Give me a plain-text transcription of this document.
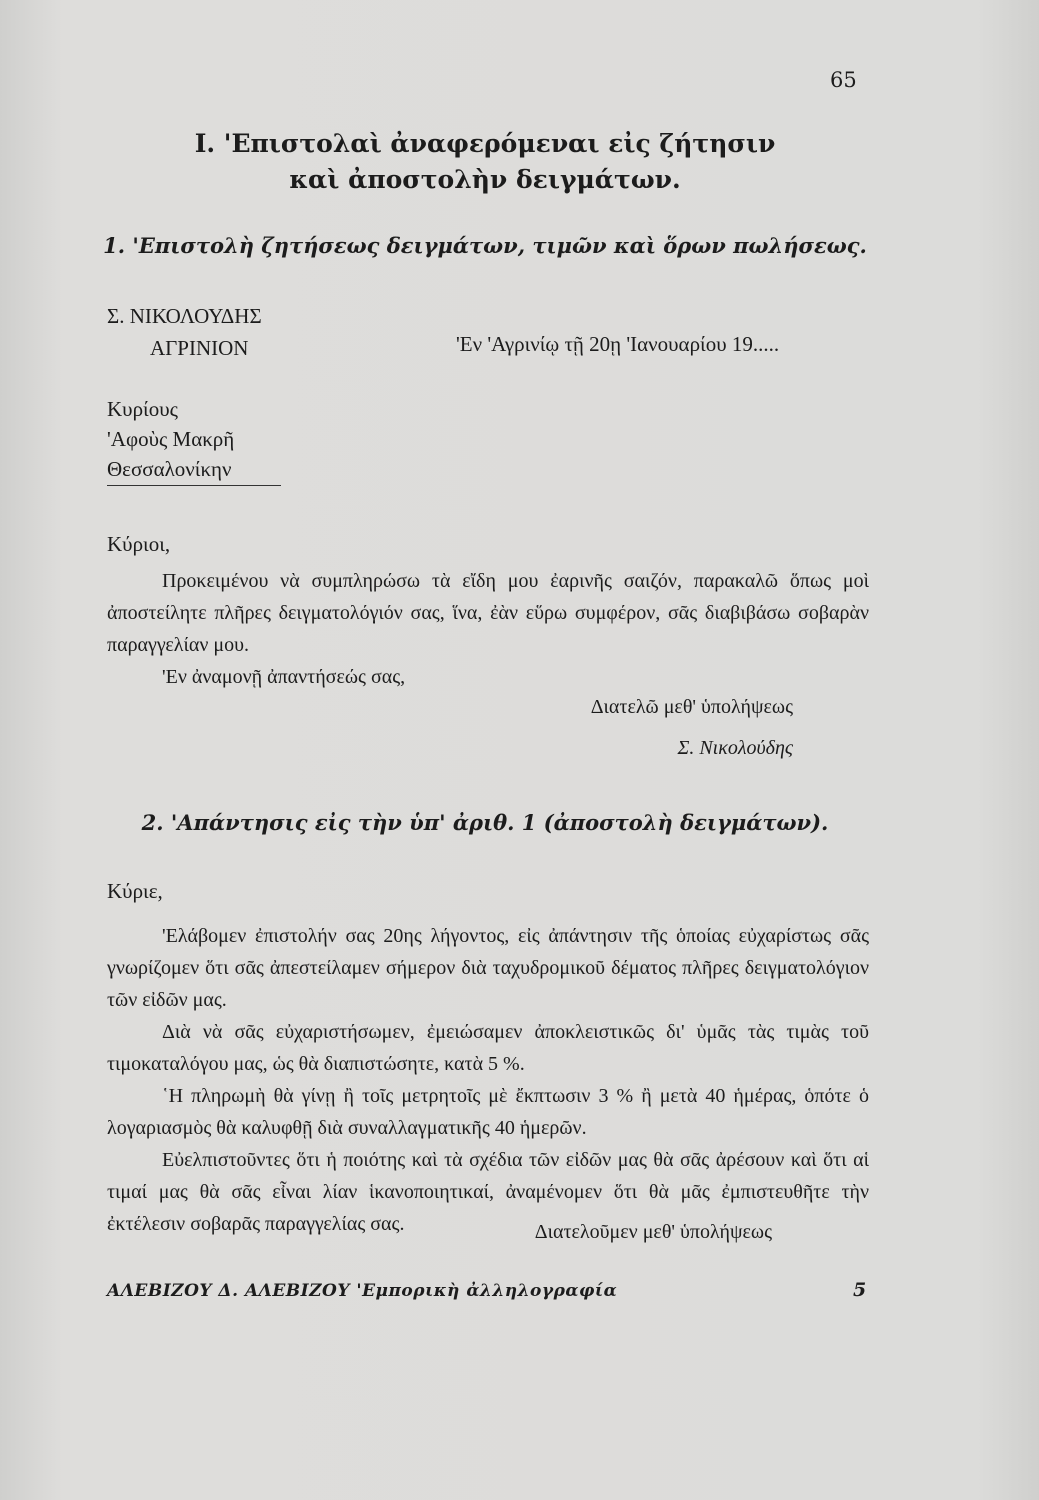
65
I. 'Επιστολαὶ ἀναφερόμεναι εἰς ζήτησιν
καὶ ἀποστολὴν δειγμάτων.
1. 'Επιστολὴ ζητήσεως δειγμάτων, τιμῶν καὶ ὅρων πωλήσεως.
Σ. ΝΙΚΟΛΟΥΔΗΣ
ΑΓΡΙΝΙΟΝ	'Εν 'Αγρινίῳ τῇ 20ῃ 'Ιανουαρίου 19.....
Κυρίους
'Αφοὺς Μακρῆ
Θεσσαλονίκην
Κύριοι,

Προκειμένου νὰ συμπληρώσω τὰ εἴδη μου ἐαρινῆς σαιζόν, παρακαλῶ ὅπως μοὶ ἀποστείλητε πλῆρες δειγματολόγιόν σας, ἵνα, ἐὰν εὕρω συμφέρον, σᾶς διαβιβάσω σοβαρὰν παραγγελίαν μου.

'Εν ἀναμονῇ ἀπαντήσεώς σας,

Διατελῶ μεθ' ὑπολήψεως
Σ. Νικολούδης
2. 'Απάντησις εἰς τὴν ὑπ' ἀριθ. 1 (ἀποστολὴ δειγμάτων).
Κύριε,

'Ελάβομεν ἐπιστολήν σας 20ης λήγοντος, εἰς ἀπάντησιν τῆς ὁποίας εὐχαρίστως σᾶς γνωρίζομεν ὅτι σᾶς ἀπεστείλαμεν σήμερον διὰ ταχυδρομικοῦ δέματος πλῆρες δειγματολόγιον τῶν εἰδῶν μας.

Διὰ νὰ σᾶς εὐχαριστήσωμεν, ἐμειώσαμεν ἀποκλειστικῶς δι' ὑμᾶς τὰς τιμὰς τοῦ τιμοκαταλόγου μας, ὡς θὰ διαπιστώσητε, κατὰ 5 %.

῾Η πληρωμὴ θὰ γίνῃ ἢ τοῖς μετρητοῖς μὲ ἔκπτωσιν 3 % ἢ μετὰ 40 ἡμέρας, ὁπότε ὁ λογαριασμὸς θὰ καλυφθῇ διὰ συναλλαγματικῆς 40 ἡμερῶν.

Εὐελπιστοῦντες ὅτι ἡ ποιότης καὶ τὰ σχέδια τῶν εἰδῶν μας θὰ σᾶς ἀρέσουν καὶ ὅτι αἱ τιμαί μας θὰ σᾶς εἶναι λίαν ἱκανοποιητικαί, ἀναμένομεν ὅτι θὰ μᾶς ἐμπιστευθῆτε τὴν ἐκτέλεσιν σοβαρᾶς παραγγελίας σας.	Διατελοῦμεν μεθ' ὑπολήψεως
ΑΛΕΒΙΖΟΥ Δ. ΑΛΕΒΙΖΟΥ 'Εμπορικὴ ἀλληλογραφία	5
